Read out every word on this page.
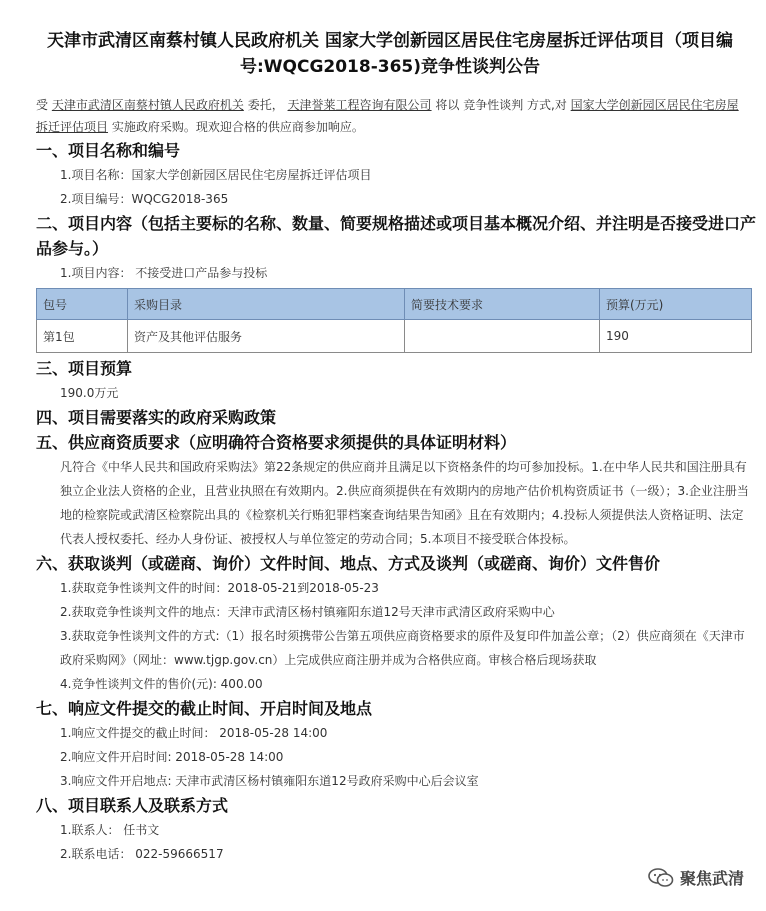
天津市武清区南蔡村镇人民政府机关 国家大学创新园区居民住宅房屋拆迁评估项目（项目编号:WQCG2018-365)竞争性谈判公告
受 天津市武清区南蔡村镇人民政府机关 委托， 天津誉莱工程咨询有限公司 将以 竞争性谈判 方式,对 国家大学创新园区居民住宅房屋拆迁评估项目 实施政府采购。现欢迎合格的供应商参加响应。
一、项目名称和编号
1.项目名称：国家大学创新园区居民住宅房屋拆迁评估项目
2.项目编号：WQCG2018-365
二、项目内容（包括主要标的名称、数量、简要规格描述或项目基本概况介绍、并注明是否接受进口产品参与。）
1.项目内容： 不接受进口产品参与投标
包号	采购目录	简要技术要求	预算(万元)
第1包	资产及其他评估服务		190
三、项目预算
190.0万元
四、项目需要落实的政府采购政策
五、供应商资质要求（应明确符合资格要求须提供的具体证明材料）
凡符合《中华人民共和国政府采购法》第22条规定的供应商并且满足以下资格条件的均可参加投标。1.在中华人民共和国注册具有独立企业法人资格的企业，且营业执照在有效期内。2.供应商须提供在有效期内的房地产估价机构资质证书（一级）；3.企业注册当地的检察院或武清区检察院出具的《检察机关行贿犯罪档案查询结果告知函》且在有效期内；4.投标人须提供法人资格证明、法定代表人授权委托、经办人身份证、被授权人与单位签定的劳动合同；5.本项目不接受联合体投标。
六、获取谈判（或磋商、询价）文件时间、地点、方式及谈判（或磋商、询价）文件售价
1.获取竞争性谈判文件的时间：2018-05-21到2018-05-23
2.获取竞争性谈判文件的地点：天津市武清区杨村镇雍阳东道12号天津市武清区政府采购中心
3.获取竞争性谈判文件的方式:（1）报名时须携带公告第五项供应商资格要求的原件及复印件加盖公章；（2）供应商须在《天津市政府采购网》（网址：www.tjgp.gov.cn）上完成供应商注册并成为合格供应商。审核合格后现场获取
4.竞争性谈判文件的售价(元): 400.00
七、响应文件提交的截止时间、开启时间及地点
1.响应文件提交的截止时间： 2018-05-28 14:00
2.响应文件开启时间: 2018-05-28 14:00
3.响应文件开启地点: 天津市武清区杨村镇雍阳东道12号政府采购中心后会议室
八、项目联系人及联系方式
1.联系人： 任书文
2.联系电话： 022-59666517
聚焦武清
